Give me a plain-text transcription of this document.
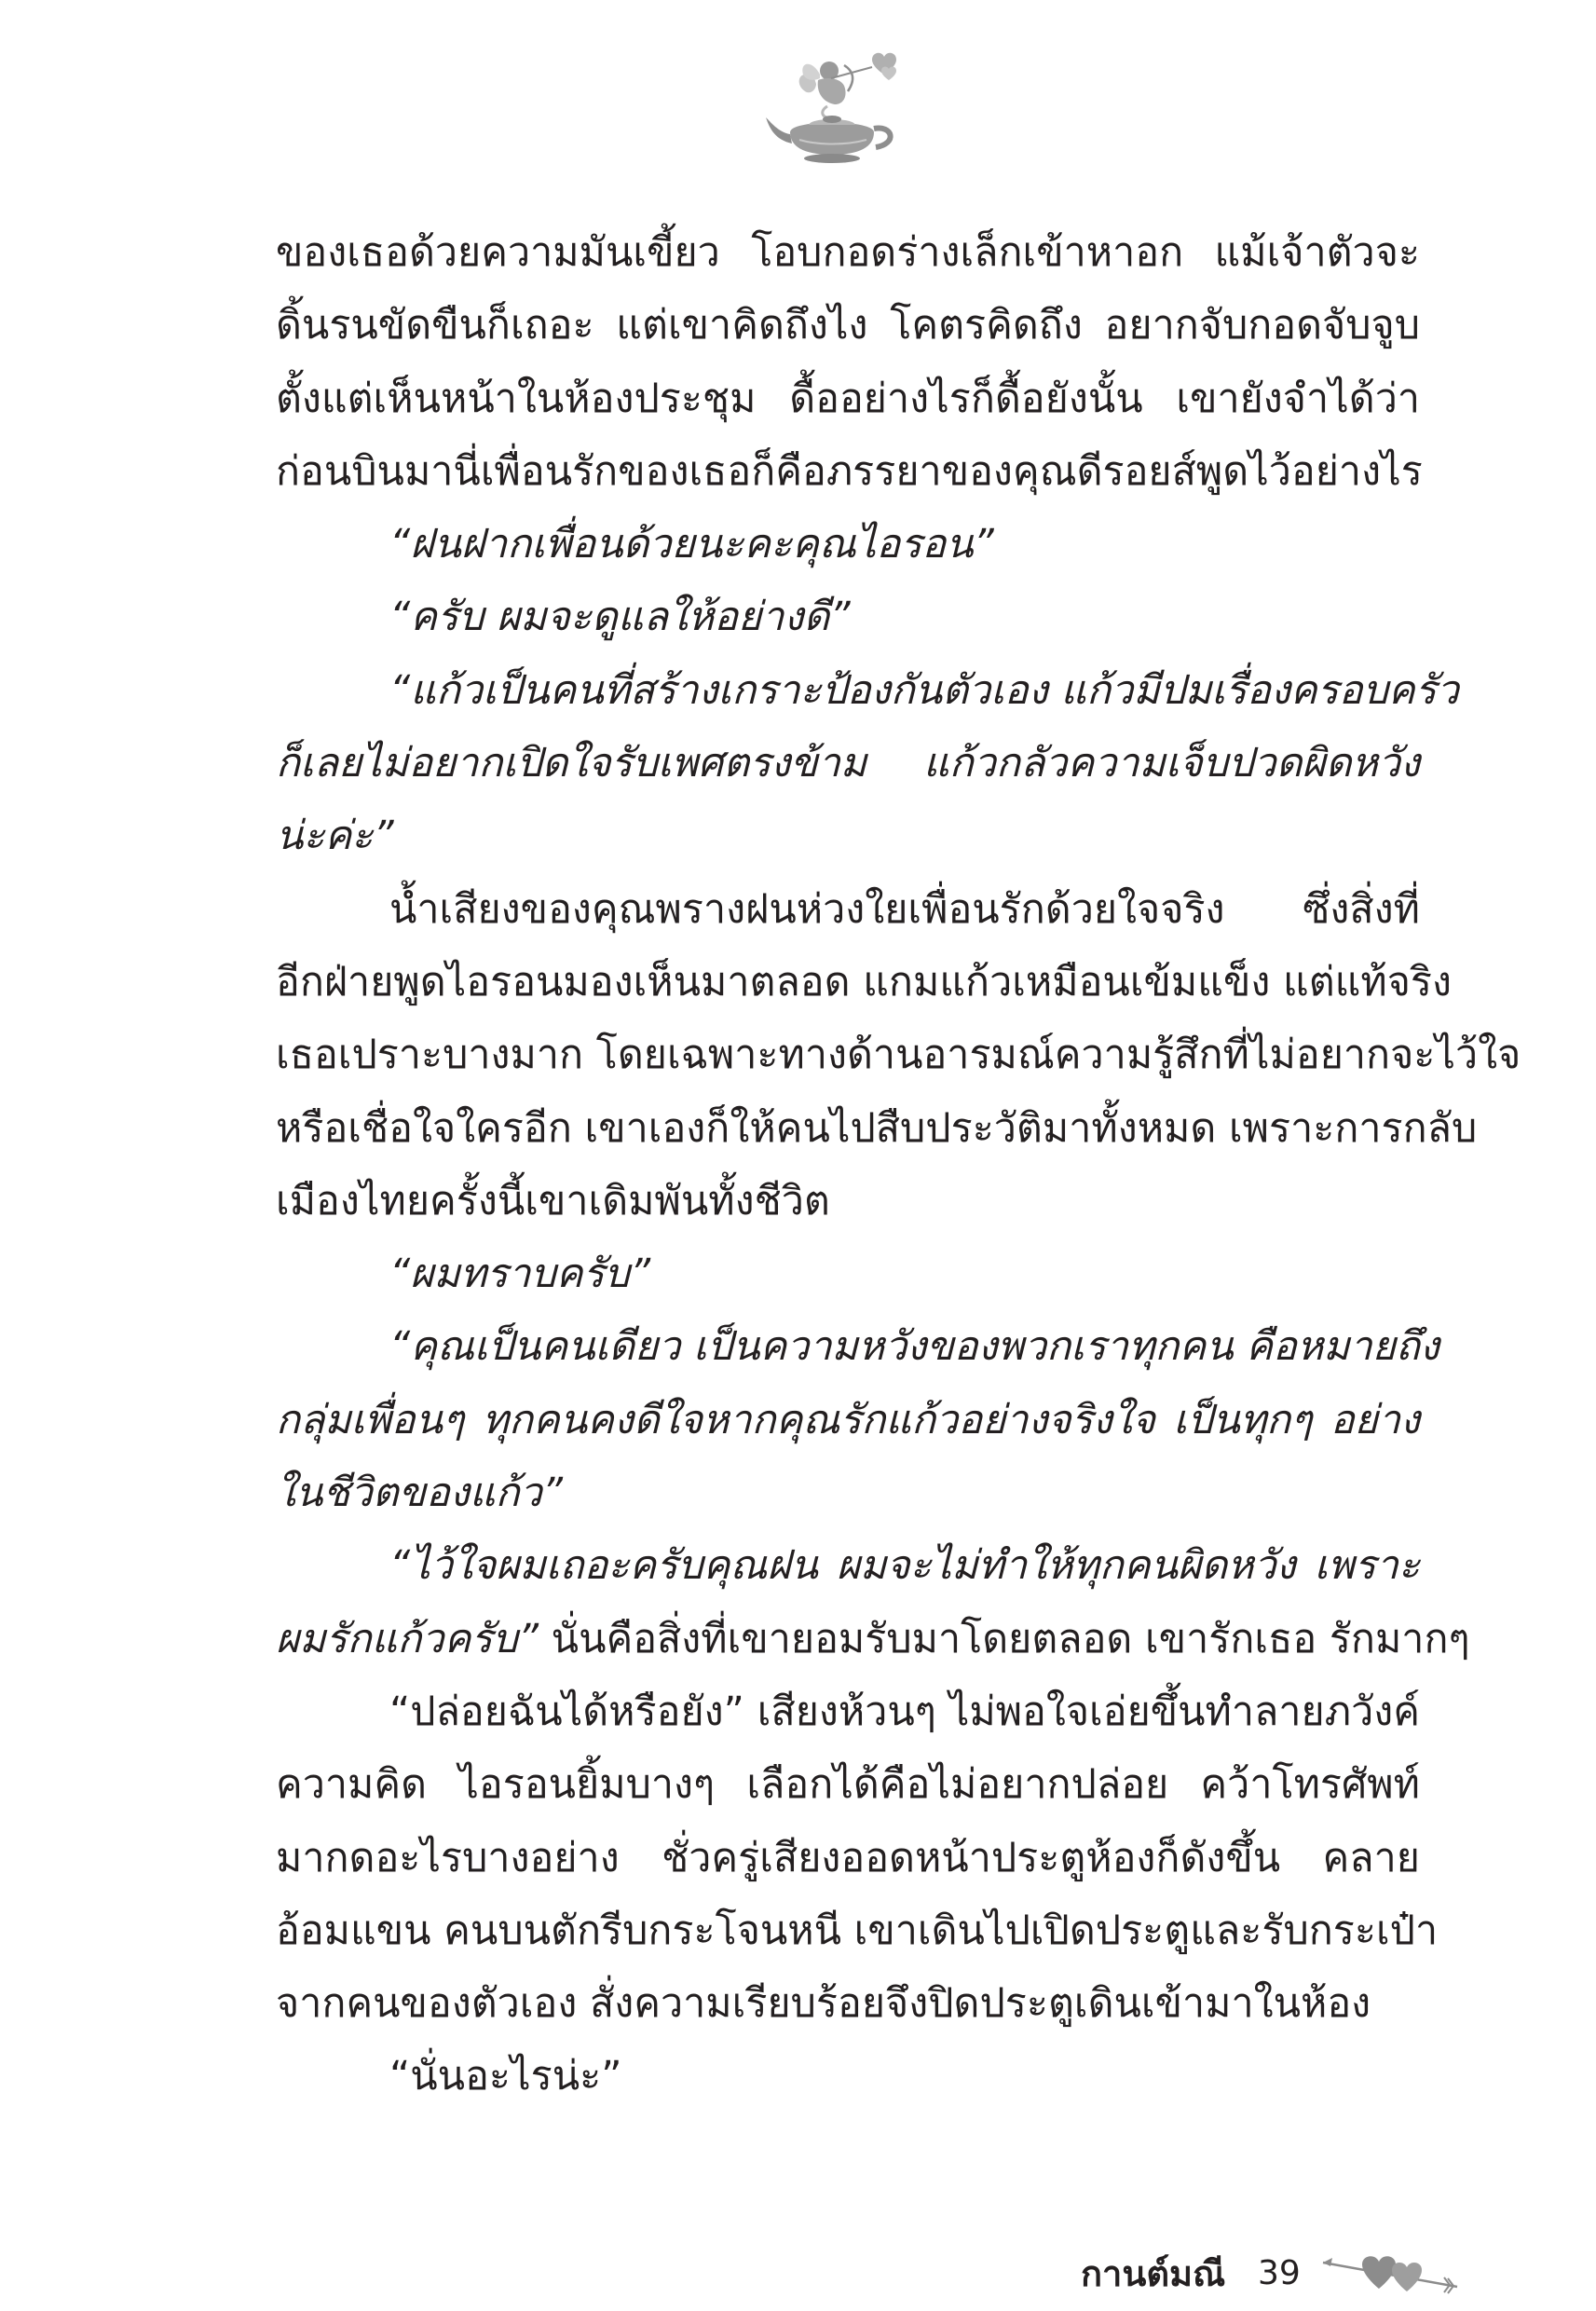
ของเธอด้วยความมันเขี้ยว โอบกอดร่างเล็กเข้าหาอก แม้เจ้าตัวจะ
ดิ้นรนขัดขืนก็เถอะ แต่เขาคิดถึงไง โคตรคิดถึง อยากจับกอดจับจูบ
ตั้งแต่เห็นหน้าในห้องประชุม ดื้ออย่างไรก็ดื้อยังนั้น เขายังจำได้ว่า
ก่อนบินมานี่เพื่อนรักของเธอก็คือภรรยาของคุณดีรอยส์พูดไว้อย่างไร
“ฝนฝากเพื่อนด้วยนะคะคุณไอรอน”
“ครับ ผมจะดูแลให้อย่างดี”
“แก้วเป็นคนที่สร้างเกราะป้องกันตัวเอง แก้วมีปมเรื่องครอบครัว
ก็เลยไม่อยากเปิดใจรับเพศตรงข้าม แก้วกลัวความเจ็บปวดผิดหวัง
น่ะค่ะ”
น้ำเสียงของคุณพรางฝนห่วงใยเพื่อนรักด้วยใจจริง ซึ่งสิ่งที่
อีกฝ่ายพูดไอรอนมองเห็นมาตลอด แกมแก้วเหมือนเข้มแข็ง แต่แท้จริง
เธอเปราะบางมาก โดยเฉพาะทางด้านอารมณ์ความรู้สึกที่ไม่อยากจะไว้ใจ
หรือเชื่อใจใครอีก เขาเองก็ให้คนไปสืบประวัติมาทั้งหมด เพราะการกลับ
เมืองไทยครั้งนี้เขาเดิมพันทั้งชีวิต
“ผมทราบครับ”
“คุณเป็นคนเดียว เป็นความหวังของพวกเราทุกคน คือหมายถึง
กลุ่มเพื่อนๆ ทุกคนคงดีใจหากคุณรักแก้วอย่างจริงใจ เป็นทุกๆ อย่าง
ในชีวิตของแก้ว”
“ไว้ใจผมเถอะครับคุณฝน ผมจะไม่ทำให้ทุกคนผิดหวัง เพราะ
ผมรักแก้วครับ” นั่นคือสิ่งที่เขายอมรับมาโดยตลอด เขารักเธอ รักมากๆ
“ปล่อยฉันได้หรือยัง” เสียงห้วนๆ ไม่พอใจเอ่ยขึ้นทำลายภวังค์
ความคิด ไอรอนยิ้มบางๆ เลือกได้คือไม่อยากปล่อย คว้าโทรศัพท์
มากดอะไรบางอย่าง ชั่วครู่เสียงออดหน้าประตูห้องก็ดังขึ้น คลาย
อ้อมแขน คนบนตักรีบกระโจนหนี เขาเดินไปเปิดประตูและรับกระเป๋า
จากคนของตัวเอง สั่งความเรียบร้อยจึงปิดประตูเดินเข้ามาในห้อง
“นั่นอะไรน่ะ”
กานต์มณี 39
